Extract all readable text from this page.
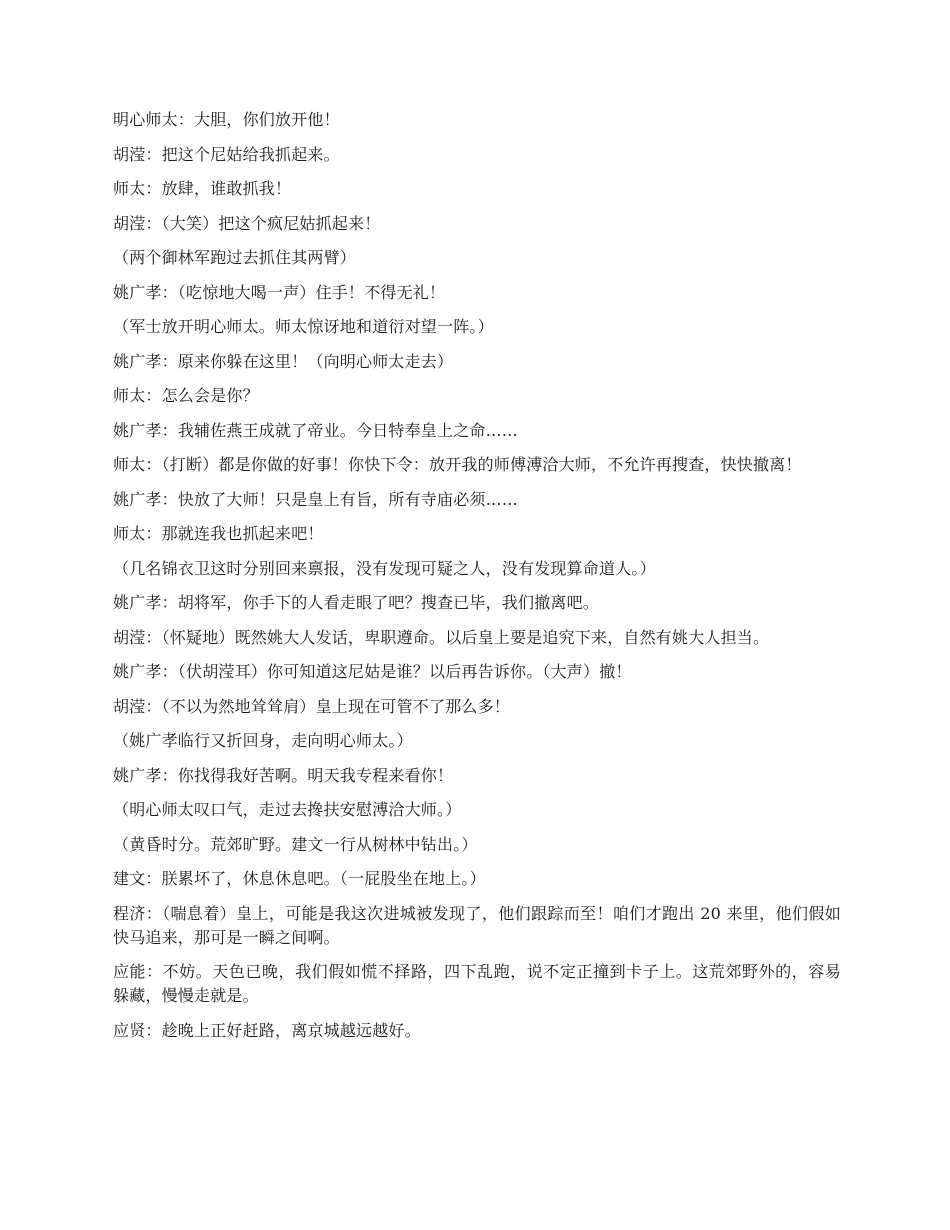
明心师太：大胆，你们放开他！

胡滢：把这个尼姑给我抓起来。

师太：放肆，谁敢抓我！

胡滢：（大笑）把这个疯尼姑抓起来！

（两个御林军跑过去抓住其两臂）

姚广孝：（吃惊地大喝一声）住手！不得无礼！

（军士放开明心师太。师太惊讶地和道衍对望一阵。）

姚广孝：原来你躲在这里！（向明心师太走去）

师太：怎么会是你？

姚广孝：我辅佐燕王成就了帝业。今日特奉皇上之命……

师太：（打断）都是你做的好事！你快下令：放开我的师傅溥洽大师，不允许再搜查，快快撤离！

姚广孝：快放了大师！只是皇上有旨，所有寺庙必须……

师太：那就连我也抓起来吧！

（几名锦衣卫这时分别回来禀报，没有发现可疑之人，没有发现算命道人。）

姚广孝：胡将军，你手下的人看走眼了吧？搜查已毕，我们撤离吧。

胡滢：（怀疑地）既然姚大人发话，卑职遵命。以后皇上要是追究下来，自然有姚大人担当。

姚广孝：（伏胡滢耳）你可知道这尼姑是谁？以后再告诉你。（大声）撤！

胡滢：（不以为然地耸耸肩）皇上现在可管不了那么多！

（姚广孝临行又折回身，走向明心师太。）

姚广孝：你找得我好苦啊。明天我专程来看你！

（明心师太叹口气，走过去搀扶安慰溥洽大师。）

（黄昏时分。荒郊旷野。建文一行从树林中钻出。）

建文：朕累坏了，休息休息吧。（一屁股坐在地上。）

程济：（喘息着）皇上，可能是我这次进城被发现了，他们跟踪而至！咱们才跑出 20 来里，他们假如快马追来，那可是一瞬之间啊。

应能：不妨。天色已晚，我们假如慌不择路，四下乱跑，说不定正撞到卡子上。这荒郊野外的，容易躲藏，慢慢走就是。

应贤：趁晚上正好赶路，离京城越远越好。
